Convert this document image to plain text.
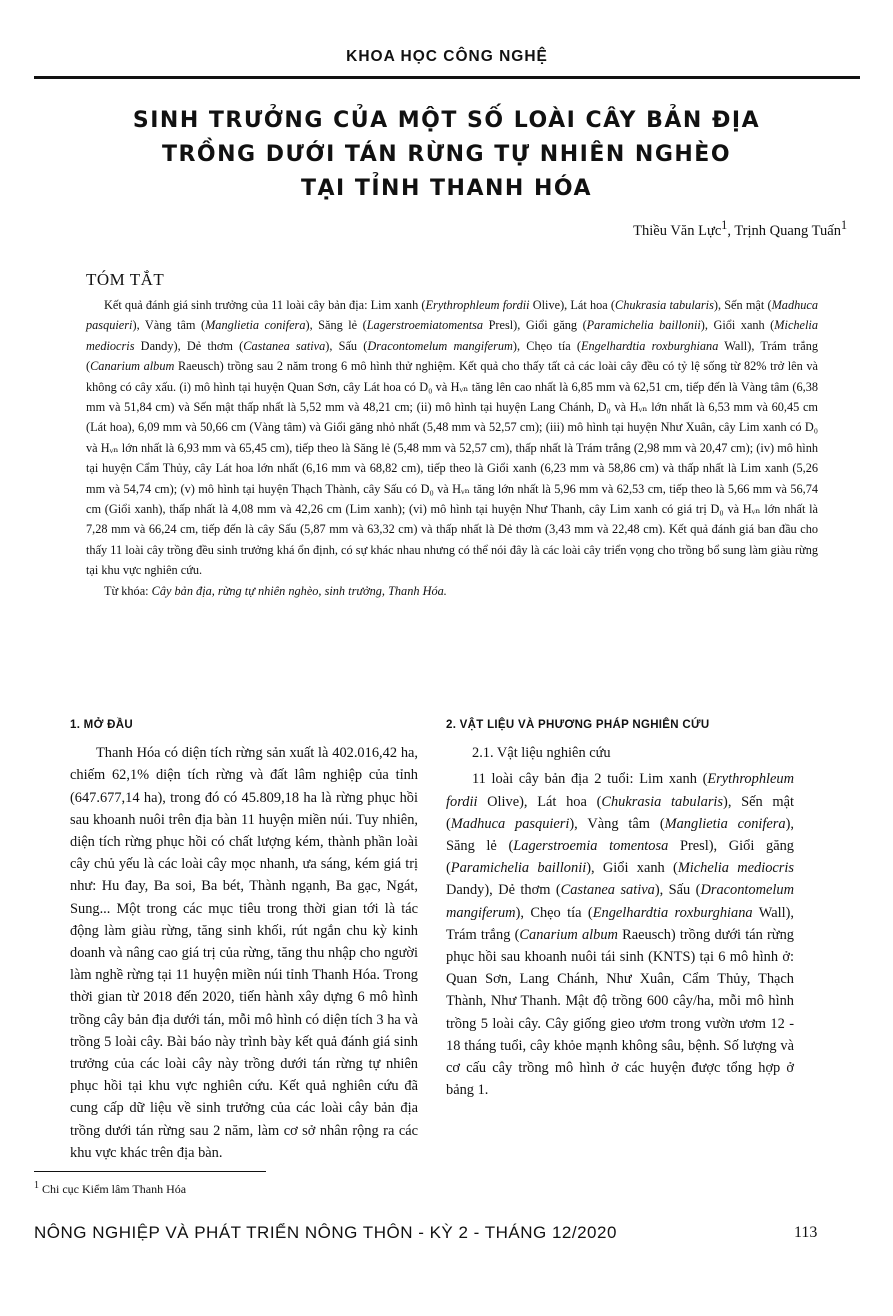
KHOA HỌC CÔNG NGHỆ
SINH TRƯỞNG CỦA MỘT SỐ LOÀI CÂY BẢN ĐỊA
TRỒNG DƯỚI TÁN RỪNG TỰ NHIÊN NGHÈO
TẠI TỈNH THANH HÓA
Thiều Văn Lực$^1$, Trịnh Quang Tuấn$^1$
TÓM TẮT

Kết quả đánh giá sinh trưởng của 11 loài cây bản địa: Lim xanh (Erythrophleum fordii Olive), Lát hoa (Chukrasia tabularis), Sến mật (Madhuca pasquieri), Vàng tâm (Manglietia conifera), Săng lẻ (Lagerstroemiatomentsa Presl), Giổi găng (Paramichelia baillonii), Giổi xanh (Michelia mediocris Dandy), Dẻ thơm (Castanea sativa), Sấu (Dracontomelum mangiferum), Chẹo tía (Engelhardtia roxburghiana Wall), Trám trắng (Canarium album Raeusch) trồng sau 2 năm trong 6 mô hình thử nghiệm. Kết quả cho thấy tất cả các loài cây đều có tỷ lệ sống từ 82% trở lên và không có cây xấu. (i) mô hình tại huyện Quan Sơn, cây Lát hoa có D₀ và Hᵥₙ tăng lên cao nhất là 6,85 mm và 62,51 cm, tiếp đến là Vàng tâm (6,38 mm và 51,84 cm) và Sến mật thấp nhất là 5,52 mm và 48,21 cm; (ii) mô hình tại huyện Lang Chánh, D₀ và Hᵥₙ lớn nhất là 6,53 mm và 60,45 cm (Lát hoa), 6,09 mm và 50,66 cm (Vàng tâm) và Giổi găng nhỏ nhất (5,48 mm và 52,57 cm); (iii) mô hình tại huyện Như Xuân, cây Lim xanh có D₀ và Hᵥₙ lớn nhất là 6,93 mm và 65,45 cm), tiếp theo là Săng lẻ (5,48 mm và 52,57 cm), thấp nhất là Trám trắng (2,98 mm và 20,47 cm); (iv) mô hình tại huyện Cẩm Thủy, cây Lát hoa lớn nhất (6,16 mm và 68,82 cm), tiếp theo là Giổi xanh (6,23 mm và 58,86 cm) và thấp nhất là Lim xanh (5,26 mm và 54,74 cm); (v) mô hình tại huyện Thạch Thành, cây Sấu có D₀ và Hᵥₙ tăng lớn nhất là 5,96 mm và 62,53 cm, tiếp theo là 5,66 mm và 56,74 cm (Giổi xanh), thấp nhất là 4,08 mm và 42,26 cm (Lim xanh); (vi) mô hình tại huyện Như Thanh, cây Lim xanh có giá trị D₀ và Hᵥₙ lớn nhất là 7,28 mm và 66,24 cm, tiếp đến là cây Sấu (5,87 mm và 63,32 cm) và thấp nhất là Dẻ thơm (3,43 mm và 22,48 cm). Kết quả đánh giá ban đầu cho thấy 11 loài cây trồng đều sinh trưởng khá ổn định, có sự khác nhau nhưng có thể nói đây là các loài cây triển vọng cho trồng bổ sung làm giàu rừng tại khu vực nghiên cứu.

Từ khóa: Cây bản địa, rừng tự nhiên nghèo, sinh trưởng, Thanh Hóa.

1. MỞ ĐẦU

Thanh Hóa có diện tích rừng sản xuất là 402.016,42 ha, chiếm 62,1% diện tích rừng và đất lâm nghiệp của tỉnh (647.677,14 ha), trong đó có 45.809,18 ha là rừng phục hồi sau khoanh nuôi trên địa bàn 11 huyện miền núi. Tuy nhiên, diện tích rừng phục hồi có chất lượng kém, thành phần loài cây chủ yếu là các loài cây mọc nhanh, ưa sáng, kém giá trị như: Hu đay, Ba soi, Ba bét, Thành ngạnh, Ba gạc, Ngát, Sung... Một trong các mục tiêu trong thời gian tới là tác động làm giàu rừng, tăng sinh khối, rút ngắn chu kỳ kinh doanh và nâng cao giá trị của rừng, tăng thu nhập cho người làm nghề rừng tại 11 huyện miền núi tỉnh Thanh Hóa. Trong thời gian từ 2018 đến 2020, tiến hành xây dựng 6 mô hình trồng cây bản địa dưới tán, mỗi mô hình có diện tích 3 ha và trồng 5 loài cây. Bài báo này trình bày kết quả đánh giá sinh trưởng của các loài cây này trồng dưới tán rừng tự nhiên phục hồi tại khu vực nghiên cứu. Kết quả nghiên cứu đã cung cấp dữ liệu về sinh trưởng của các loài cây bản địa trồng dưới tán rừng sau 2 năm, làm cơ sở nhân rộng ra các khu vực khác trên địa bàn.

2. VẬT LIỆU VÀ PHƯƠNG PHÁP NGHIÊN CỨU
2.1. Vật liệu nghiên cứu

11 loài cây bản địa 2 tuổi: Lim xanh (Erythrophleum fordii Olive), Lát hoa (Chukrasia tabularis), Sến mật (Madhuca pasquieri), Vàng tâm (Manglietia conifera), Săng lẻ (Lagerstroemia tomentosa Presl), Giổi găng (Paramichelia baillonii), Giổi xanh (Michelia mediocris Dandy), Dẻ thơm (Castanea sativa), Sấu (Dracontomelum mangiferum), Chẹo tía (Engelhardtia roxburghiana Wall), Trám trắng (Canarium album Raeusch) trồng dưới tán rừng phục hồi sau khoanh nuôi tái sinh (KNTS) tại 6 mô hình ở: Quan Sơn, Lang Chánh, Như Xuân, Cẩm Thủy, Thạch Thành, Như Thanh. Mật độ trồng 600 cây/ha, mỗi mô hình trồng 5 loài cây. Cây giống gieo ươm trong vườn ươm 12 - 18 tháng tuổi, cây khỏe mạnh không sâu, bệnh. Số lượng và cơ cấu cây trồng mô hình ở các huyện được tổng hợp ở bảng 1.

$^1$ Chi cục Kiểm lâm Thanh Hóa
NÔNG NGHIỆP VÀ PHÁT TRIỂN NÔNG THÔN - KỲ 2 - THÁNG 12/2020	113
